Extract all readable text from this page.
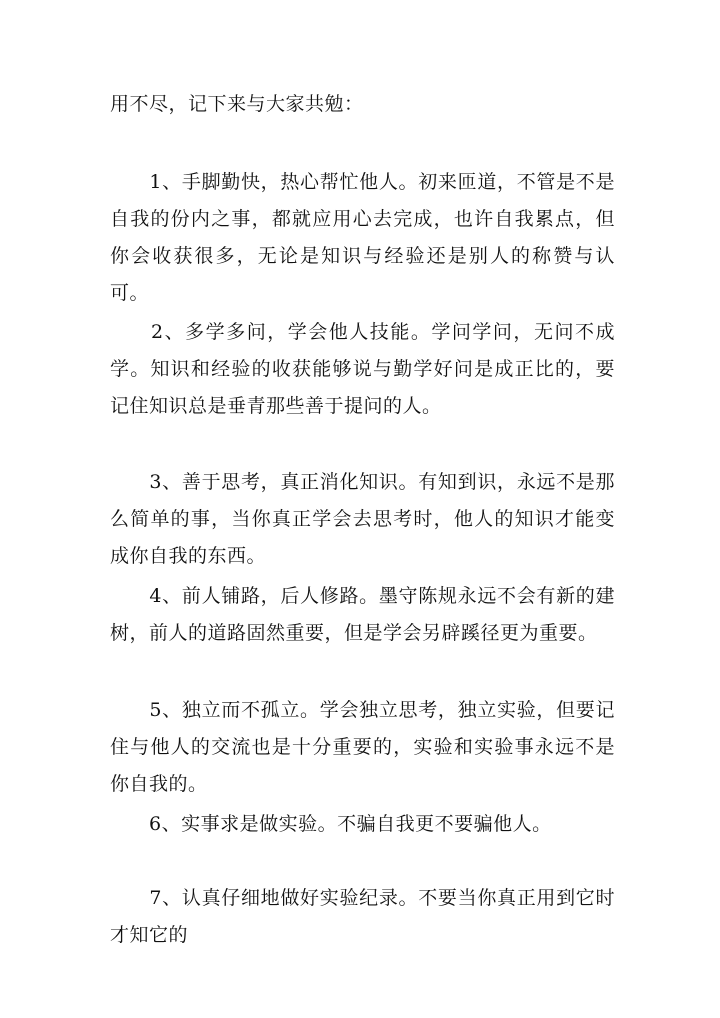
用不尽，记下来与大家共勉：

　　1、手脚勤快，热心帮忙他人。初来匝道，不管是不是自我的份内之事，都就应用心去完成，也许自我累点，但你会收获很多，无论是知识与经验还是别人的称赞与认可。

　　2、多学多问，学会他人技能。学问学问，无问不成学。知识和经验的收获能够说与勤学好问是成正比的，要记住知识总是垂青那些善于提问的人。

　　3、善于思考，真正消化知识。有知到识，永远不是那么简单的事，当你真正学会去思考时，他人的知识才能变成你自我的东西。

　　4、前人铺路，后人修路。墨守陈规永远不会有新的建树，前人的道路固然重要，但是学会另辟蹊径更为重要。

　　5、独立而不孤立。学会独立思考，独立实验，但要记住与他人的交流也是十分重要的，实验和实验事永远不是你自我的。

　　6、实事求是做实验。不骗自我更不要骗他人。

　　7、认真仔细地做好实验纪录。不要当你真正用到它时才知它的
